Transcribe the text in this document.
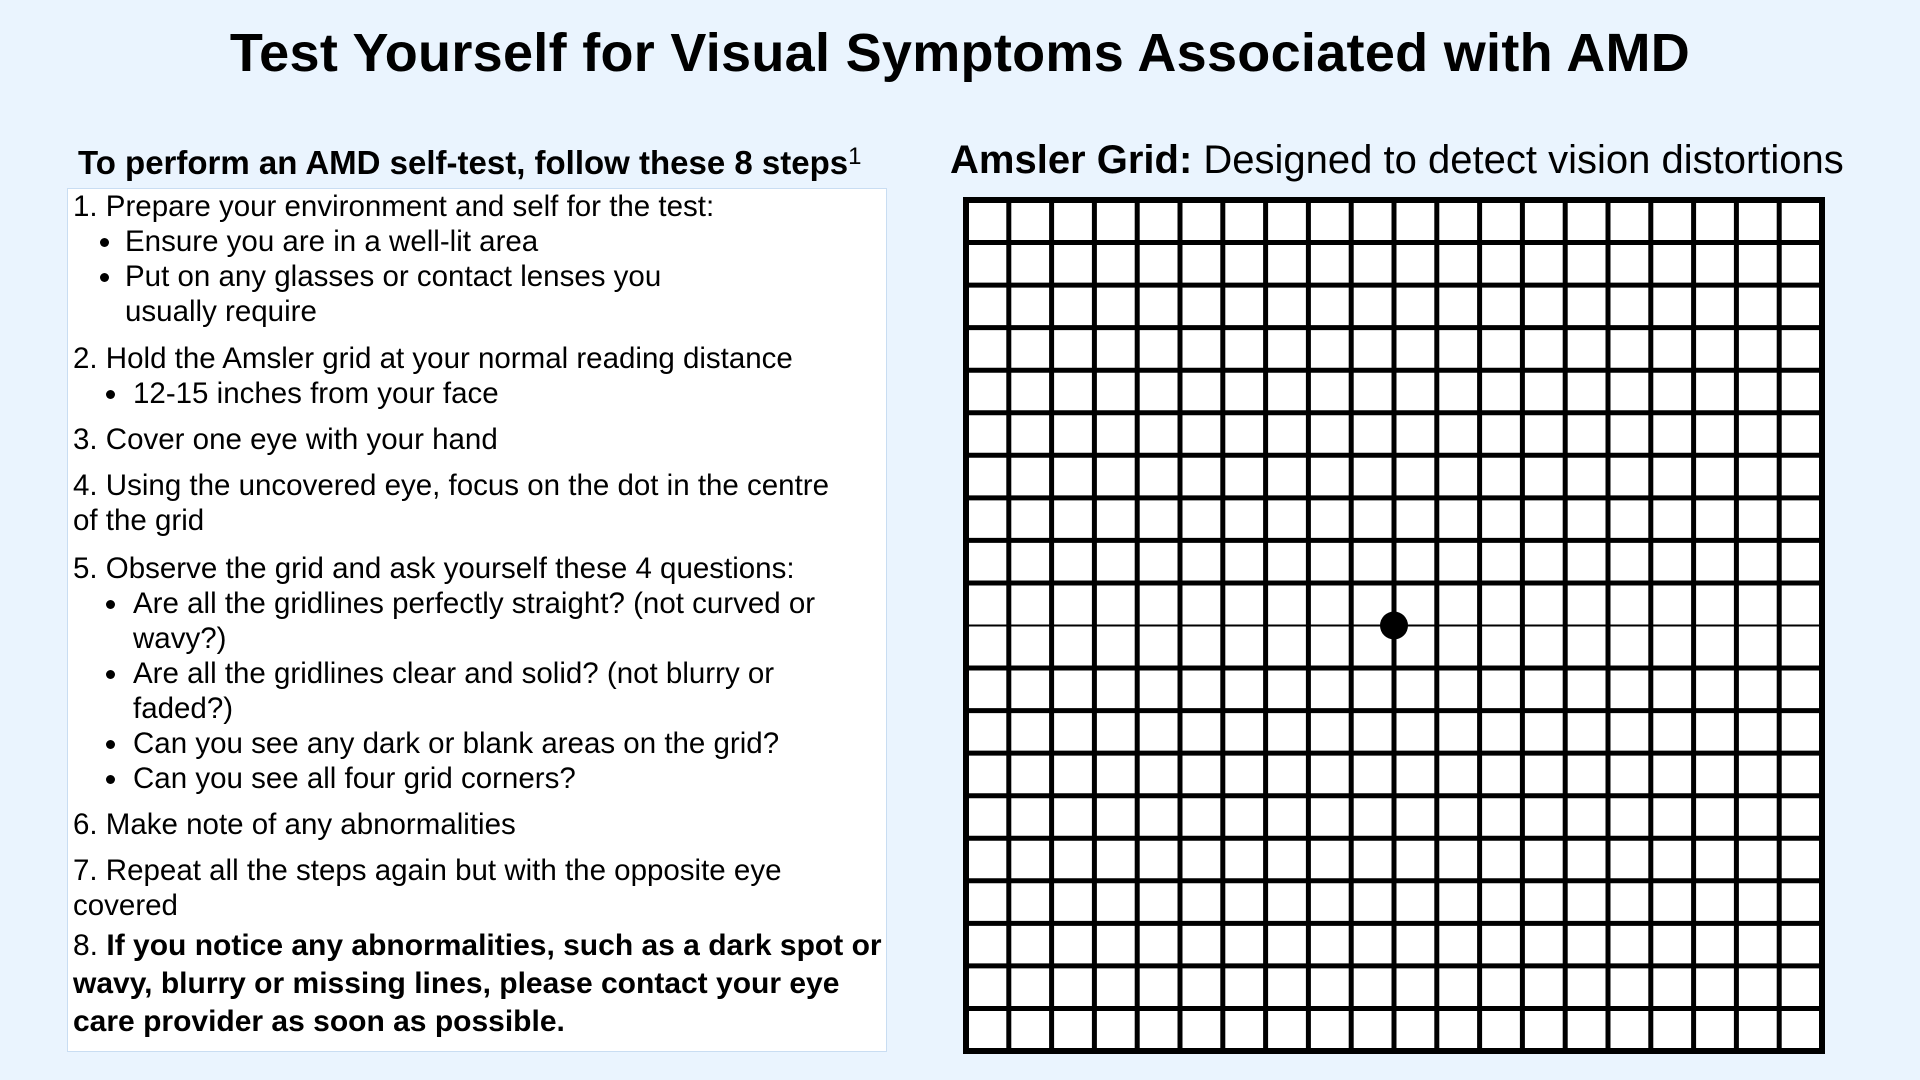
Test Yourself for Visual Symptoms Associated with AMD
To perform an AMD self-test, follow these 8 steps$^1$
1. Prepare your environment and self for the test:
Ensure you are in a well-lit area
Put on any glasses or contact lenses you usually require
2. Hold the Amsler grid at your normal reading distance
12-15 inches from your face
3. Cover one eye with your hand
4. Using the uncovered eye, focus on the dot in the centre of the grid
5. Observe the grid and ask yourself these 4 questions:
Are all the gridlines perfectly straight? (not curved or wavy?)
Are all the gridlines clear and solid? (not blurry or faded?)
Can you see any dark or blank areas on the grid?
Can you see all four grid corners?
6. Make note of any abnormalities
7. Repeat all the steps again but with the opposite eye covered
8. If you notice any abnormalities, such as a dark spot or wavy, blurry or missing lines, please contact your eye care provider as soon as possible.
Amsler Grid: Designed to detect vision distortions
